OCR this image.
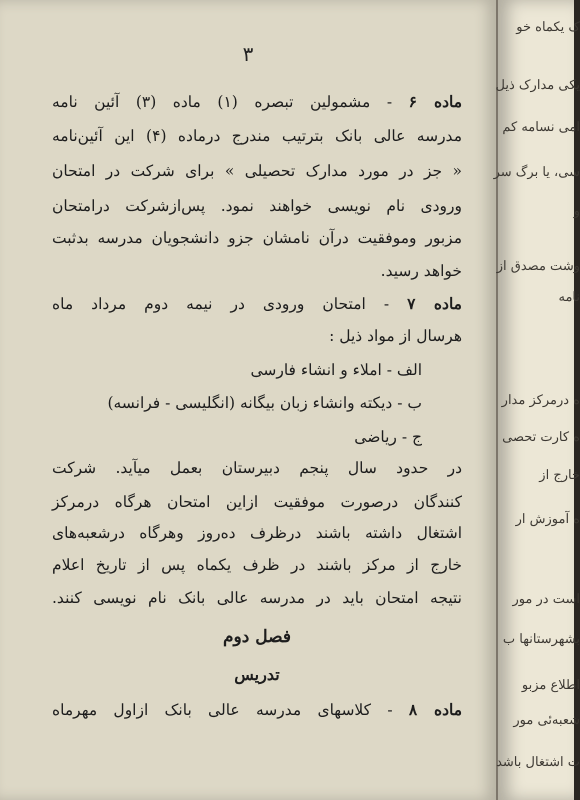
۳
ماده ۶ - مشمولین تبصره (۱) ماده (۳) آئین نامه
مدرسه عالی بانک بترتیب مندرج درماده (۴) این آئین‌نامه
« جز در مورد مدارک تحصیلی » برای شرکت در امتحان
ورودی نام نویسی خواهند نمود. پس‌ازشرکت درامتحان
مزبور وموفقیت درآن نامشان جزو دانشجویان مدرسه بدثبت
خواهد رسید.
ماده ۷ - امتحان ورودی در نیمه دوم مرداد ماه
هرسال از مواد ذیل :
الف - املاء و انشاء فارسی
ب - دیکته وانشاء زبان بیگانه (انگلیسی - فرانسه)
ج - ریاضی
در حدود سال پنجم دبیرستان بعمل میآید. شرکت
کنندگان درصورت موفقیت ازاین امتحان هرگاه درمرکز
اشتغال داشته باشند درظرف ده‌روز وهرگاه درشعبه‌های
خارج از مرکز باشند در ظرف یکماه پس از تاریخ اعلام
نتیجه امتحان باید در مدرسه عالی بانک نام نویسی کنند.
فصل دوم
تدریس
ماده ۸ - کلاسهای مدرسه عالی بانک ازاول مهرماه
ک یکماه خو
یکی مدارک ذیل
امی نسامه کم
سی، یا برگ سر
و
وشت مصدق از
نامه
ه درمرکز مدار
ه کارت تحصی
خارج از
ه آموزش ار
است در مور
بشهرستانها ب
اطلاع مزبو
شعبه‌ئی مور
ت اشتغال باشد
